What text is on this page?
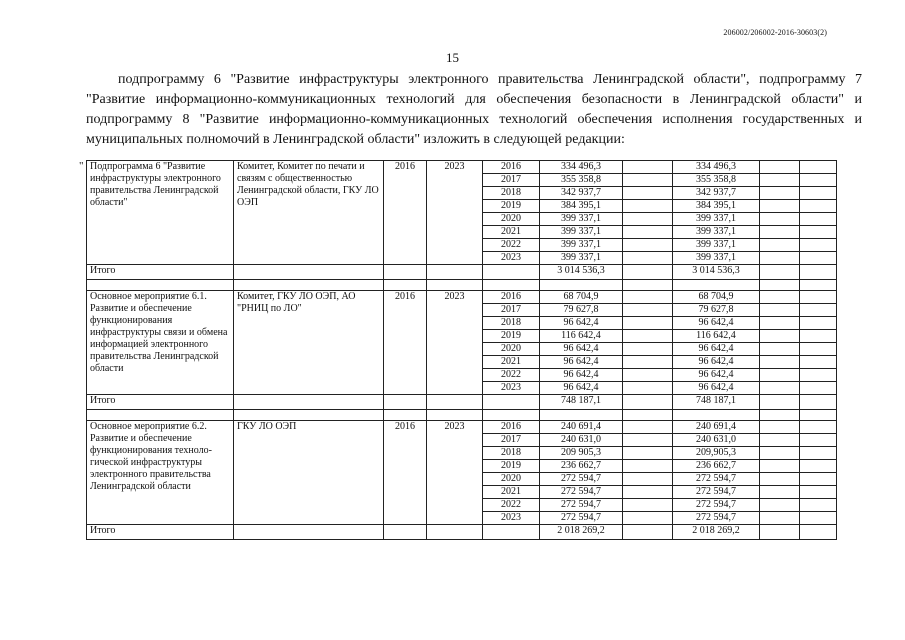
206002/206002-2016-30603(2)
15

подпрограмму 6 "Развитие инфраструктуры электронного правительства Ленинградской области", подпрограмму 7 "Развитие информационно-коммуникационных технологий для обеспечения безопасности в Ленинградской области" и подпрограмму 8 "Развитие информационно-коммуникационных технологий обеспечения исполнения государственных и муниципальных полномочий в Ленинградской области" изложить в следующей редакции:

" Подпрограмма 6 "Развитие инфраструктуры электронного правительства Ленинградской области"	Комитет, Комитет по печати и связям с общественностью Ленинградской области, ГКУ ЛО ОЭП	2016	2023	2016	334 496,3		334 496,3		
				2017	355 358,8		355 358,8		
				2018	342 937,7		342 937,7		
				2019	384 395,1		384 395,1		
				2020	399 337,1		399 337,1		
				2021	399 337,1		399 337,1		
				2022	399 337,1		399 337,1		
				2023	399 337,1		399 337,1		
Итого					3 014 536,3		3 014 536,3		

Основное мероприятие 6.1. Развитие и обеспечение функционирования инфраструктуры связи и обмена информацией электронного правительства Ленинградской области	Комитет, ГКУ ЛО ОЭП, АО "РНИЦ по ЛО"	2016	2023	2016	68 704,9		68 704,9		
				2017	79 627,8		79 627,8		
				2018	96 642,4		96 642,4		
				2019	116 642,4		116 642,4		
				2020	96 642,4		96 642,4		
				2021	96 642,4		96 642,4		
				2022	96 642,4		96 642,4		
				2023	96 642,4		96 642,4		
Итого					748 187,1		748 187,1		

Основное мероприятие 6.2. Развитие и обеспечение функционирования техноло-гической инфраструктуры электронного правительства Ленинградской области	ГКУ ЛО ОЭП	2016	2023	2016	240 691,4		240 691,4		
				2017	240 631,0		240 631,0		
				2018	209 905,3		209,905,3		
				2019	236 662,7		236 662,7		
				2020	272 594,7		272 594,7		
				2021	272 594,7		272 594,7		
				2022	272 594,7		272 594,7		
				2023	272 594,7		272 594,7		
Итого					2 018 269,2		2 018 269,2		
